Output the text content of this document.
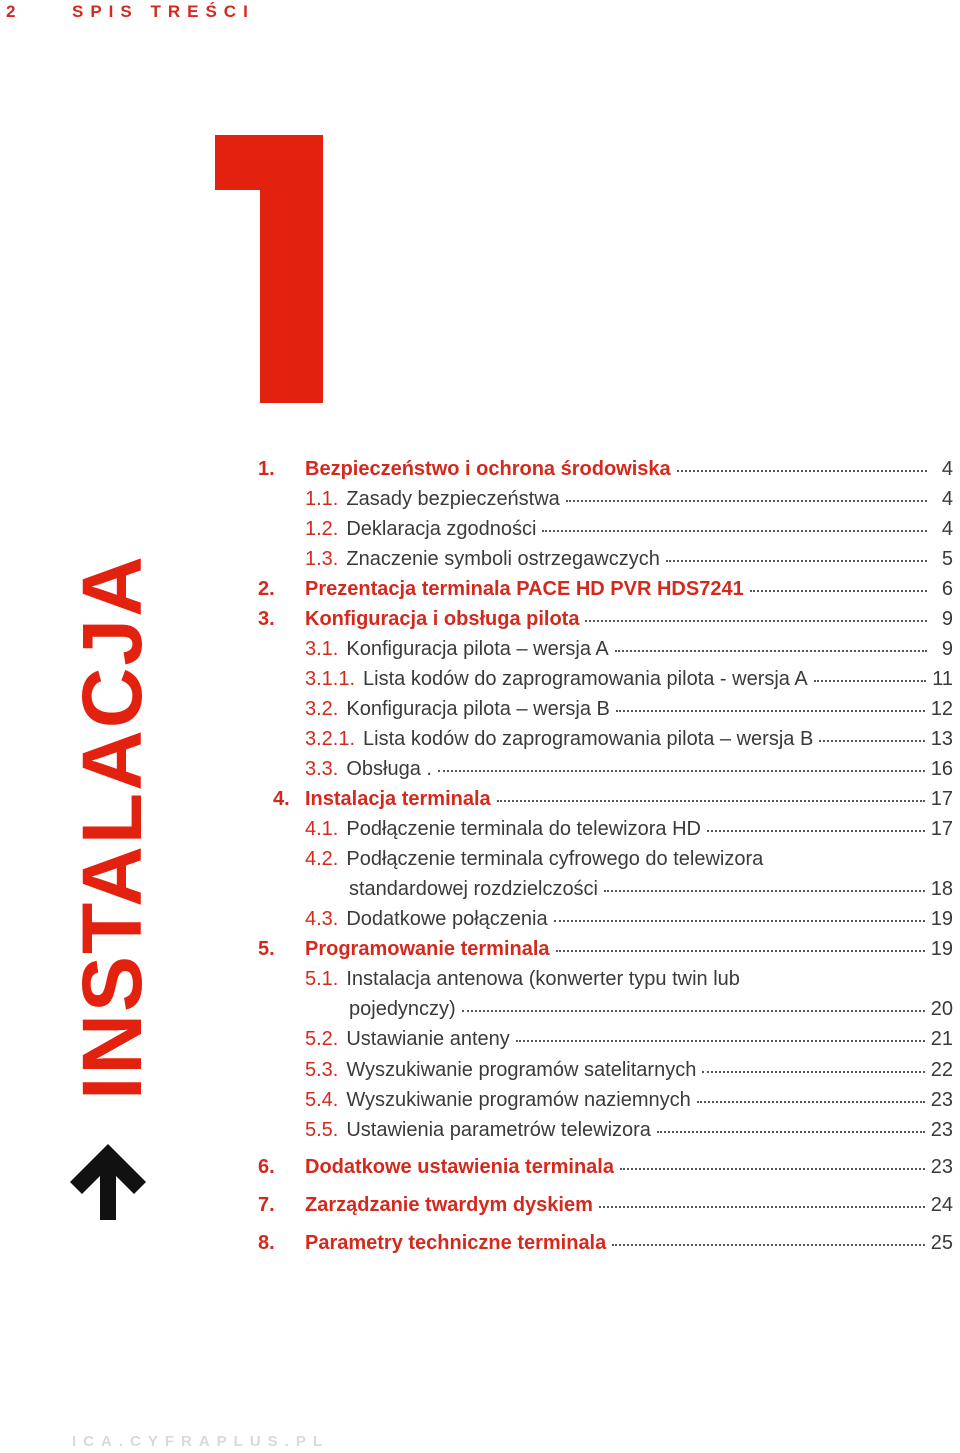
2	SPIS TREŚCI
INSTALACJA
1.	Bezpieczeństwo i ochrona środowiska	4
1.1. Zasady bezpieczeństwa	4
1.2. Deklaracja zgodności	4
1.3. Znaczenie symboli ostrzegawczych	5
2.	Prezentacja terminala PACE HD PVR HDS7241	6
3.	Konfiguracja i obsługa pilota	9
3.1. Konfiguracja pilota – wersja A	9
3.1.1. Lista kodów do zaprogramowania pilota - wersja A	11
3.2. Konfiguracja pilota – wersja B	12
3.2.1. Lista kodów do zaprogramowania pilota – wersja B	13
3.3. Obsługa .	16
4. Instalacja terminala	17
4.1. Podłączenie terminala do telewizora HD	17
4.2. Podłączenie terminala cyfrowego do telewizora
standardowej rozdzielczości	18
4.3. Dodatkowe połączenia	19
5.	Programowanie terminala	19
5.1. Instalacja antenowa (konwerter typu twin lub
pojedynczy)	20
5.2. Ustawianie anteny	21
5.3. Wyszukiwanie programów satelitarnych	22
5.4. Wyszukiwanie programów naziemnych	23
5.5. Ustawienia parametrów telewizora	23
6.	Dodatkowe ustawienia terminala	23
7.	Zarządzanie twardym dyskiem	24
8.	Parametry techniczne terminala	25
ICA.CYFRAPLUS.PL
